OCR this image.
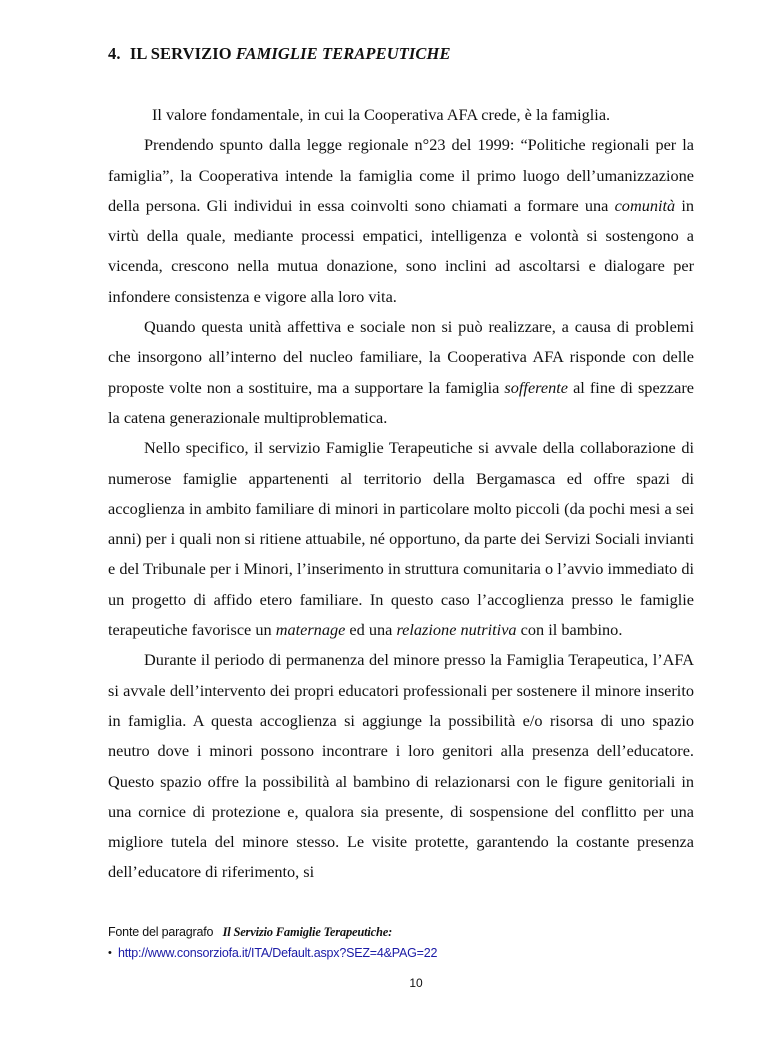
4. IL SERVIZIO FAMIGLIE TERAPEUTICHE

Il valore fondamentale, in cui la Cooperativa AFA crede, è la famiglia.

Prendendo spunto dalla legge regionale n°23 del 1999: “Politiche regionali per la famiglia”, la Cooperativa intende la famiglia come il primo luogo dell’umanizzazione della persona. Gli individui in essa coinvolti sono chiamati a formare una comunità in virtù della quale, mediante processi empatici, intelligenza e volontà si sostengono a vicenda, crescono nella mutua donazione, sono inclini ad ascoltarsi e dialogare per infondere consistenza e vigore alla loro vita.

Quando questa unità affettiva e sociale non si può realizzare, a causa di problemi che insorgono all’interno del nucleo familiare, la Cooperativa AFA risponde con delle proposte volte non a sostituire, ma a supportare la famiglia sofferente al fine di spezzare la catena generazionale multiproblematica.

Nello specifico, il servizio Famiglie Terapeutiche si avvale della collaborazione di numerose famiglie appartenenti al territorio della Bergamasca ed offre spazi di accoglienza in ambito familiare di minori in particolare molto piccoli (da pochi mesi a sei anni) per i quali non si ritiene attuabile, né opportuno, da parte dei Servizi Sociali invianti e del Tribunale per i Minori, l’inserimento in struttura comunitaria o l’avvio immediato di un progetto di affido etero familiare. In questo caso l’accoglienza presso le famiglie terapeutiche favorisce un maternage ed una relazione nutritiva con il bambino.

Durante il periodo di permanenza del minore presso la Famiglia Terapeutica, l’AFA si avvale dell’intervento dei propri educatori professionali per sostenere il minore inserito in famiglia. A questa accoglienza si aggiunge la possibilità e/o risorsa di uno spazio neutro dove i minori possono incontrare i loro genitori alla presenza dell’educatore. Questo spazio offre la possibilità al bambino di relazionarsi con le figure genitoriali in una cornice di protezione e, qualora sia presente, di sospensione del conflitto per una migliore tutela del minore stesso. Le visite protette, garantendo la costante presenza dell’educatore di riferimento, si

Fonte del paragrafo Il Servizio Famiglie Terapeutiche:
• http://www.consorziofa.it/ITA/Default.aspx?SEZ=4&PAG=22
10
